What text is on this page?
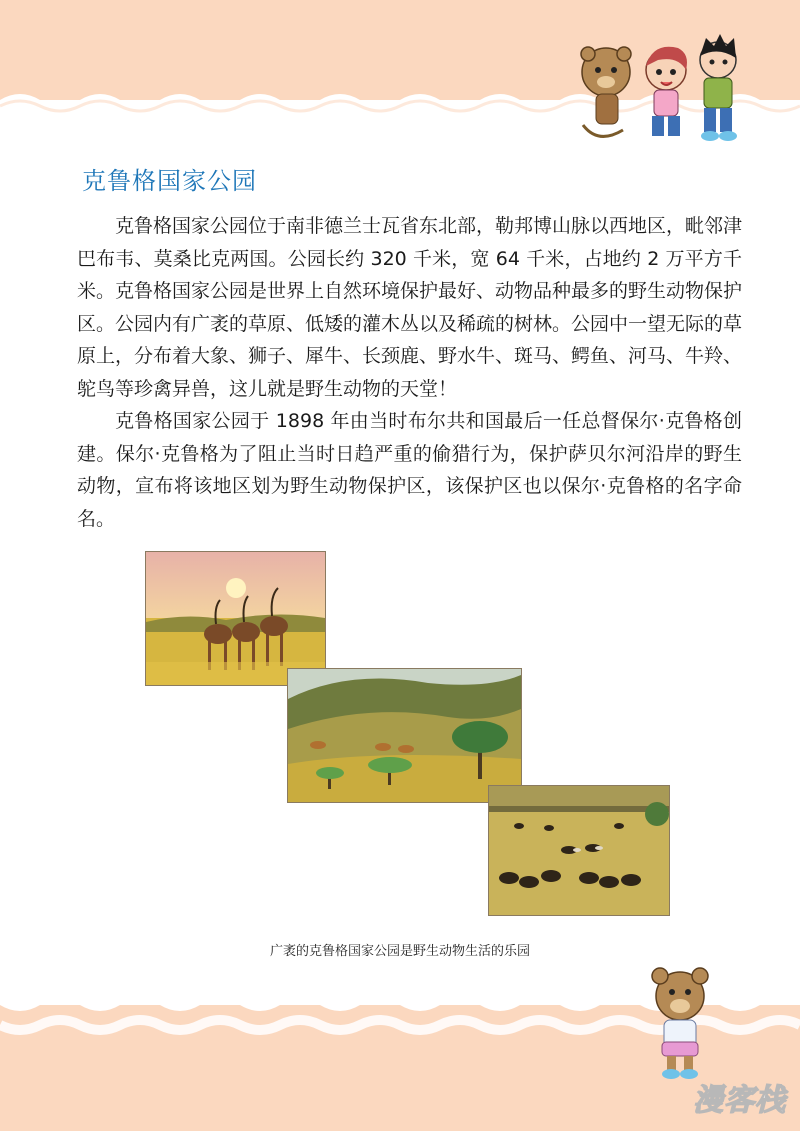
克鲁格国家公园

克鲁格国家公园位于南非德兰士瓦省东北部，勒邦博山脉以西地区，毗邻津巴布韦、莫桑比克两国。公园长约 320 千米，宽 64 千米，占地约 2 万平方千米。克鲁格国家公园是世界上自然环境保护最好、动物品种最多的野生动物保护区。公园内有广袤的草原、低矮的灌木丛以及稀疏的树林。公园中一望无际的草原上，分布着大象、狮子、犀牛、长颈鹿、野水牛、斑马、鳄鱼、河马、牛羚、鸵鸟等珍禽异兽，这儿就是野生动物的天堂！

克鲁格国家公园于 1898 年由当时布尔共和国最后一任总督保尔·克鲁格创建。保尔·克鲁格为了阻止当时日趋严重的偷猎行为，保护萨贝尔河沿岸的野生动物，宣布将该地区划为野生动物保护区，该保护区也以保尔·克鲁格的名字命名。

广袤的克鲁格国家公园是野生动物生活的乐园
漫客栈
